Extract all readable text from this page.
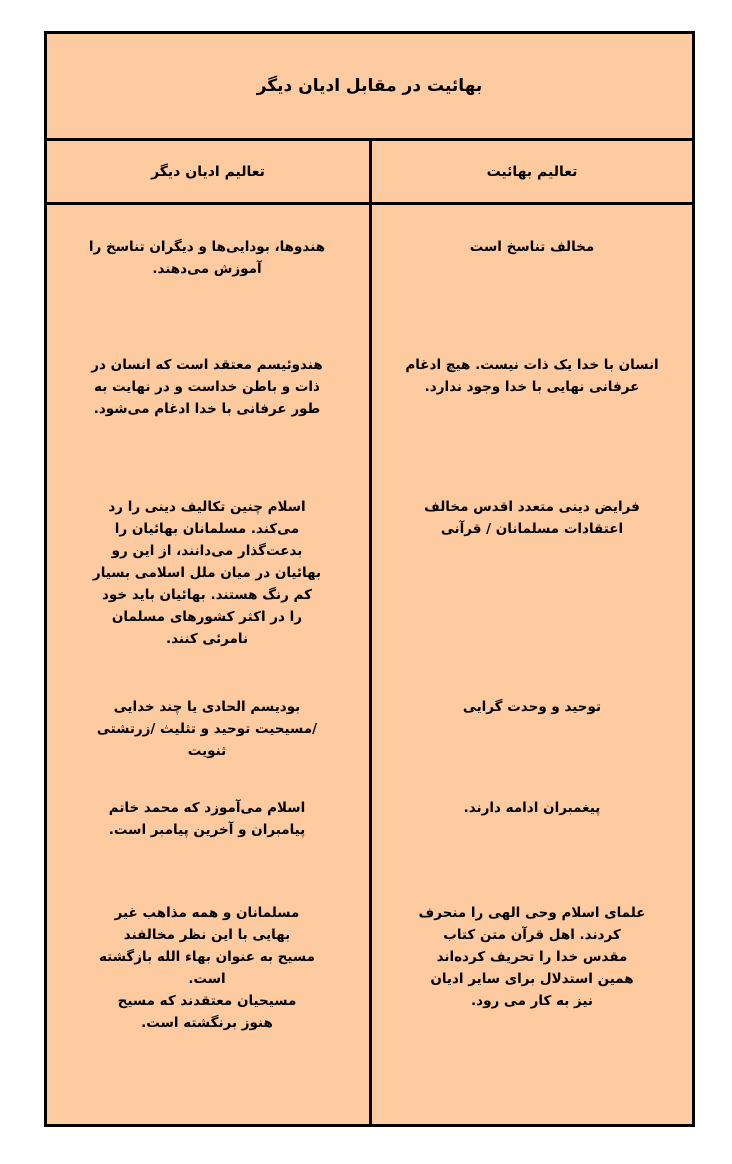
بهائیت در مقابل ادیان دیگر
تعالیم ادیان دیگر	تعالیم بهائیت
مخالف تناسخ است
هندوها، بودایی‌ها و دیگران تناسخ را
آموزش می‌دهند.
انسان با خدا یک ذات نیست. هیچ ادغام
عرفانی نهایی با خدا وجود ندارد.
هندوئیسم معتقد است که انسان در
ذات و باطن خداست و در نهایت به
طور عرفانی با خدا ادغام می‌شود.
فرایض دینی متعدد اقدس مخالف
اعتقادات مسلمانان / قرآنی
اسلام چنین تکالیف دینی را رد
می‌کند. مسلمانان بهائیان را
بدعت‌گذار می‌دانند، از این رو
بهائیان در میان ملل اسلامی بسیار
کم رنگ هستند. بهائیان باید خود
را در اکثر کشورهای مسلمان
نامرئی کنند.
توحید و وحدت گرایی
بودیسم الحادی یا چند خدایی
/مسیحیت توحید و تثلیث /زرتشتی
ثنویت
پیغمبران ادامه دارند.
اسلام می‌آموزد که محمد خاتم
پیامبران و آخرین پیامبر است.
علمای اسلام وحی الهی را منحرف
کردند. اهل قرآن متن کتاب
مقدس خدا را تحریف کرده‌اند
همین استدلال برای سایر ادیان
نیز به کار می رود.
مسلمانان و همه مذاهب غیر
بهایی با این نظر مخالفند
مسیح به عنوان بهاء الله بازگشته
است.
مسیحیان معتقدند که مسیح
هنوز برنگشته است.
